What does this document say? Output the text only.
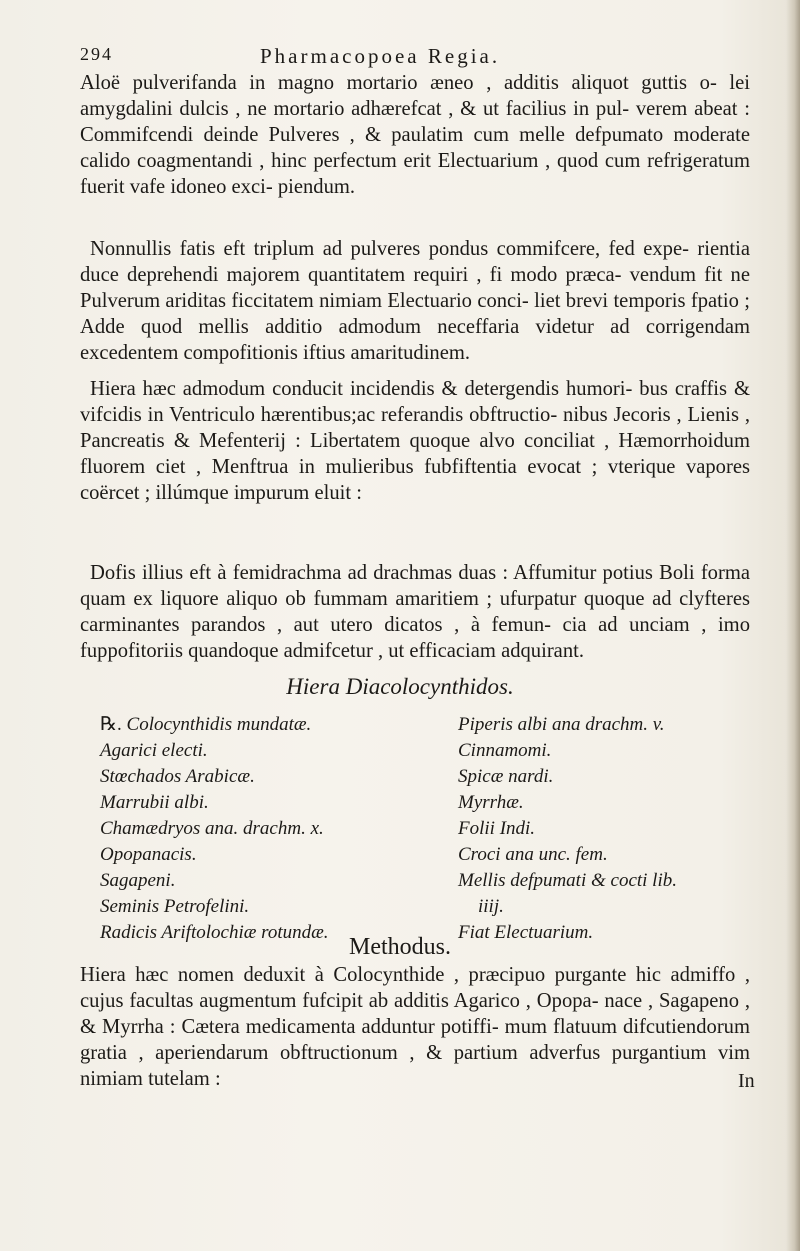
294	Pharmacopoea Regia.
Aloë pulverifanda in magno mortario æneo , additis aliquot guttis o- lei amygdalini dulcis , ne mortario adhærefcat , & ut facilius in pul- verem abeat : Commifcendi deinde Pulveres , & paulatim cum melle defpumato moderate calido coagmentandi , hinc perfectum erit Electuarium , quod cum refrigeratum fuerit vafe idoneo exci- piendum.
Nonnullis fatis eft triplum ad pulveres pondus commifcere, fed expe- rientia duce deprehendi majorem quantitatem requiri , fi modo præca- vendum fit ne Pulverum ariditas ficcitatem nimiam Electuario conci- liet brevi temporis fpatio ; Adde quod mellis additio admodum neceffaria videtur ad corrigendam excedentem compofitionis iftius amaritudinem.
Hiera hæc admodum conducit incidendis & detergendis humori- bus craffis & vifcidis in Ventriculo hærentibus;ac referandis obftructio- nibus Jecoris , Lienis , Pancreatis & Mefenterij : Libertatem quoque alvo conciliat , Hæmorrhoidum fluorem ciet , Menftrua in mulieribus fubfiftentia evocat ; vterique vapores coërcet ; illúmque impurum eluit :
Dofis illius eft à femidrachma ad drachmas duas : Affumitur potius Boli forma quam ex liquore aliquo ob fummam amaritiem ; ufurpatur quoque ad clyfteres carminantes parandos , aut utero dicatos , à femun- cia ad unciam , imo fuppofitoriis quandoque admifcetur , ut efficaciam adquirant.
Hiera Diacolocynthidos.
℞. Colocynthidis mundatæ.
Agarici electi.
Stœchados Arabicæ.
Marrubii albi.
Chamædryos ana. drachm. x.
Opopanacis.
Sagapeni.
Seminis Petrofelini.
Radicis Ariftolochiæ rotundæ.
Piperis albi ana drachm. v.
Cinnamomi.
Spicæ nardi.
Myrrhæ.
Folii Indi.
Croci ana unc. fem.
Mellis defpumati & cocti lib.
iiij.
Fiat Electuarium.
Methodus.
Hiera hæc nomen deduxit à Colocynthide , præcipuo purgante hic admiffo , cujus facultas augmentum fufcipit ab additis Agarico , Opopa- nace , Sagapeno , & Myrrha : Cætera medicamenta adduntur potiffi- mum flatuum difcutiendorum gratia , aperiendarum obftructionum , & partium adverfus purgantium vim nimiam tutelam :	In
